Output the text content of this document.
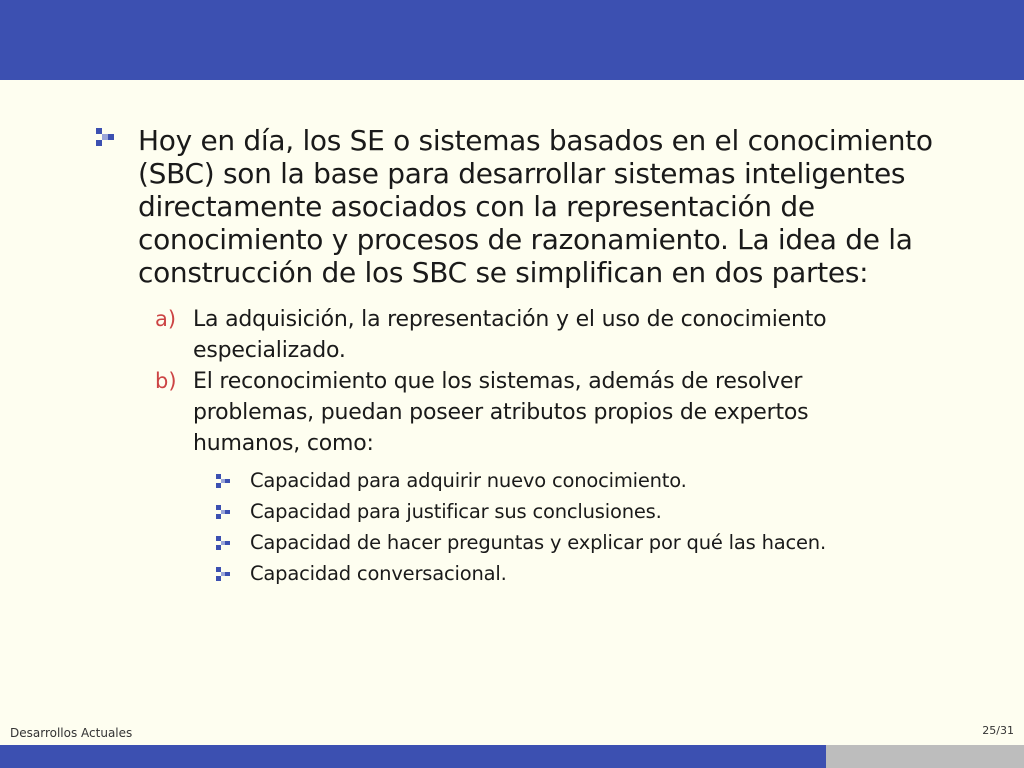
Hoy en día, los SE o sistemas basados en el conocimiento (SBC) son la base para desarrollar sistemas inteligentes directamente asociados con la representación de conocimiento y procesos de razonamiento. La idea de la construcción de los SBC se simplifican en dos partes:
a) La adquisición, la representación y el uso de conocimiento
especializado.
b) El reconocimiento que los sistemas, además de resolver
problemas, puedan poseer atributos propios de expertos
humanos, como:
Capacidad para adquirir nuevo conocimiento.
Capacidad para justificar sus conclusiones.
Capacidad de hacer preguntas y explicar por qué las hacen.
Capacidad conversacional.
Desarrollos Actuales	25/31
